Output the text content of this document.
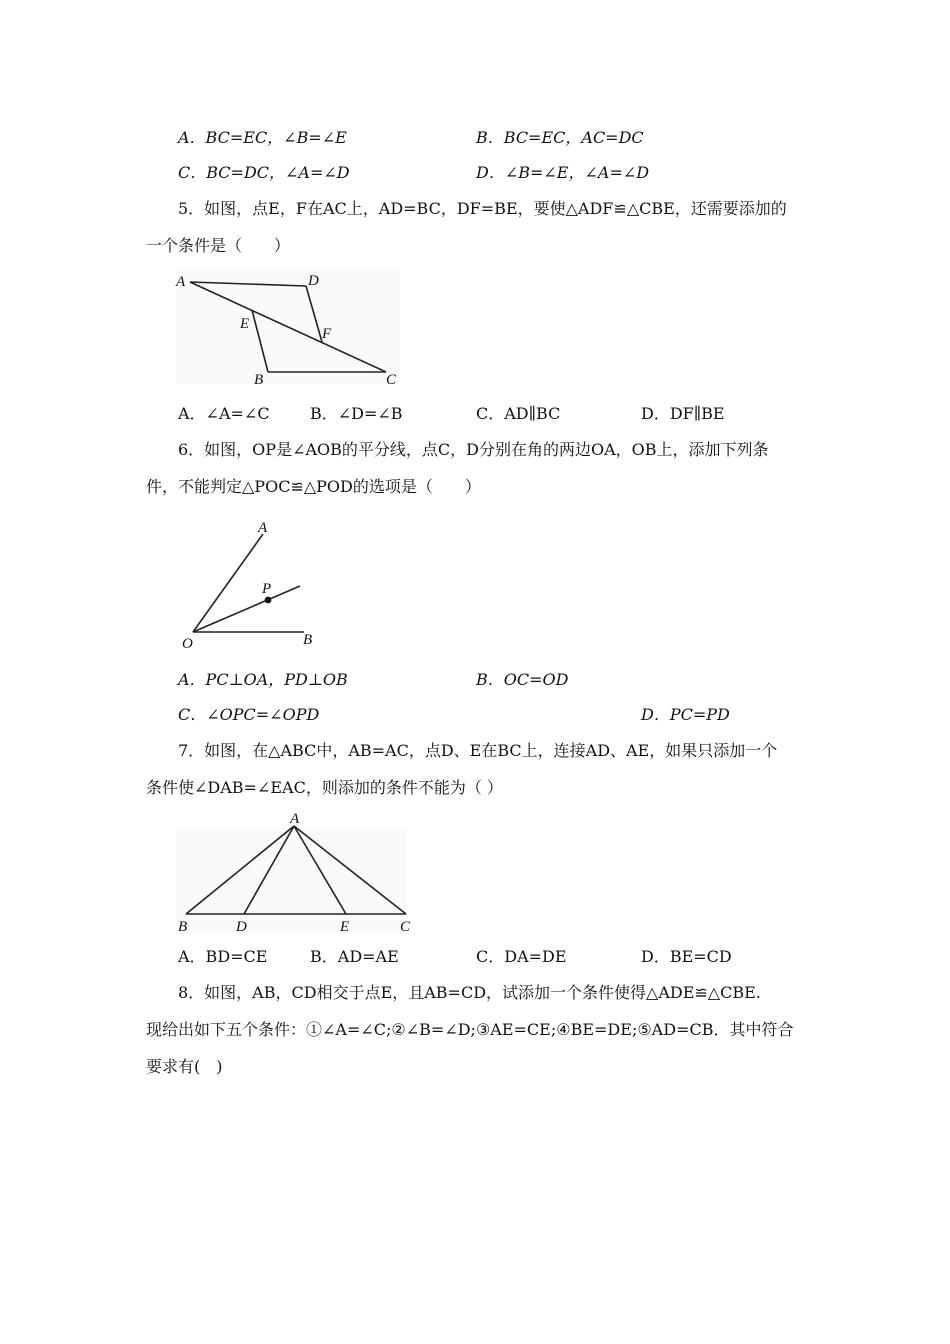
A．BC=EC，∠B=∠E	B．BC=EC，AC=DC
C．BC=DC，∠A=∠D	D．∠B=∠E，∠A=∠D
5．如图，点E，F在AC上，AD=BC，DF=BE，要使△ADF≌△CBE，还需要添加的
一个条件是（　　）
A	D
E
F
B	C
A．∠A=∠C	B．∠D=∠B	C．AD∥BC	D．DF∥BE
6．如图，OP是∠AOB的平分线，点C，D分别在角的两边OA，OB上，添加下列条
件，不能判定△POC≌△POD的选项是（　　）
A
P
O	B
A．PC⊥OA，PD⊥OB	B．OC=OD
C．∠OPC=∠OPD	D．PC=PD
7．如图，在△ABC中，AB=AC，点D、E在BC上，连接AD、AE，如果只添加一个
条件使∠DAB=∠EAC，则添加的条件不能为（ ）
A
B	D	E	C
A．BD=CE	B．AD=AE	C．DA=DE	D．BE=CD
8．如图，AB，CD相交于点E，且AB=CD，试添加一个条件使得△ADE≌△CBE.
现给出如下五个条件：①∠A=∠C;②∠B=∠D;③AE=CE;④BE=DE;⑤AD=CB．其中符合
要求有(　)
